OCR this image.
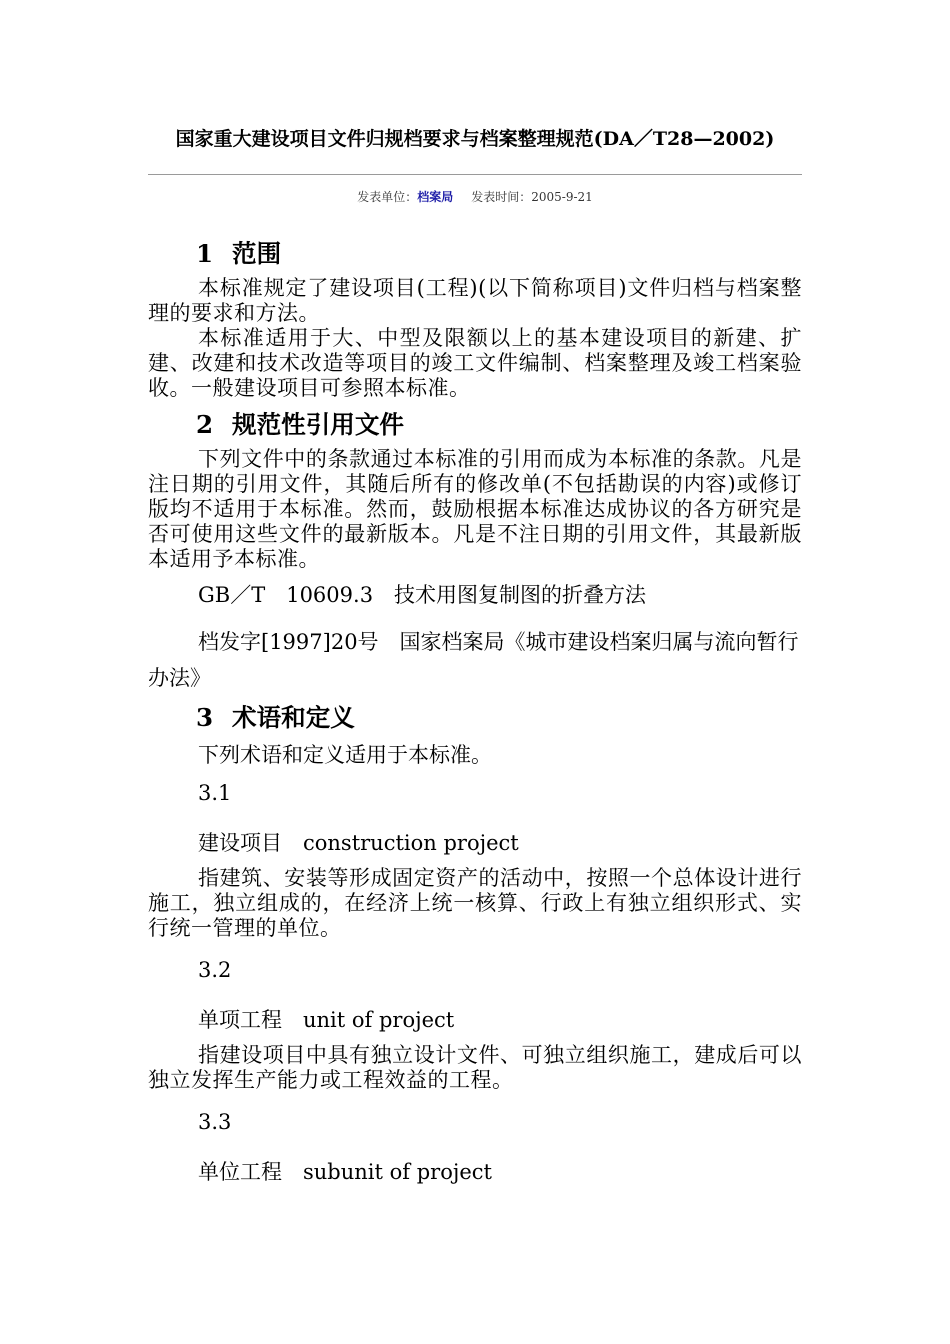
国家重大建设项目文件归规档要求与档案整理规范(DA／T28—2002)
发表单位：档案局 发表时间：2005-9-21
1 范围

本标准规定了建设项目(工程)(以下简称项目)文件归档与档案整理的要求和方法。

本标准适用于大、中型及限额以上的基本建设项目的新建、扩建、改建和技术改造等项目的竣工文件编制、档案整理及竣工档案验收。一般建设项目可参照本标准。

2 规范性引用文件

下列文件中的条款通过本标准的引用而成为本标准的条款。凡是注日期的引用文件，其随后所有的修改单(不包括勘误的内容)或修订版均不适用于本标准。然而，鼓励根据本标准达成协议的各方研究是否可使用这些文件的最新版本。凡是不注日期的引用文件，其最新版本适用予本标准。

GB／T　10609.3　技术用图复制图的折叠方法

档发字[1997]20号　国家档案局《城市建设档案归属与流向暂行办法》

3 术语和定义

下列术语和定义适用于本标准。

3.1

建设项目　construction project

指建筑、安装等形成固定资产的活动中，按照一个总体设计进行施工，独立组成的，在经济上统一核算、行政上有独立组织形式、实行统一管理的单位。

3.2

单项工程　unit of project

指建设项目中具有独立设计文件、可独立组织施工，建成后可以独立发挥生产能力或工程效益的工程。

3.3

单位工程　subunit of project
